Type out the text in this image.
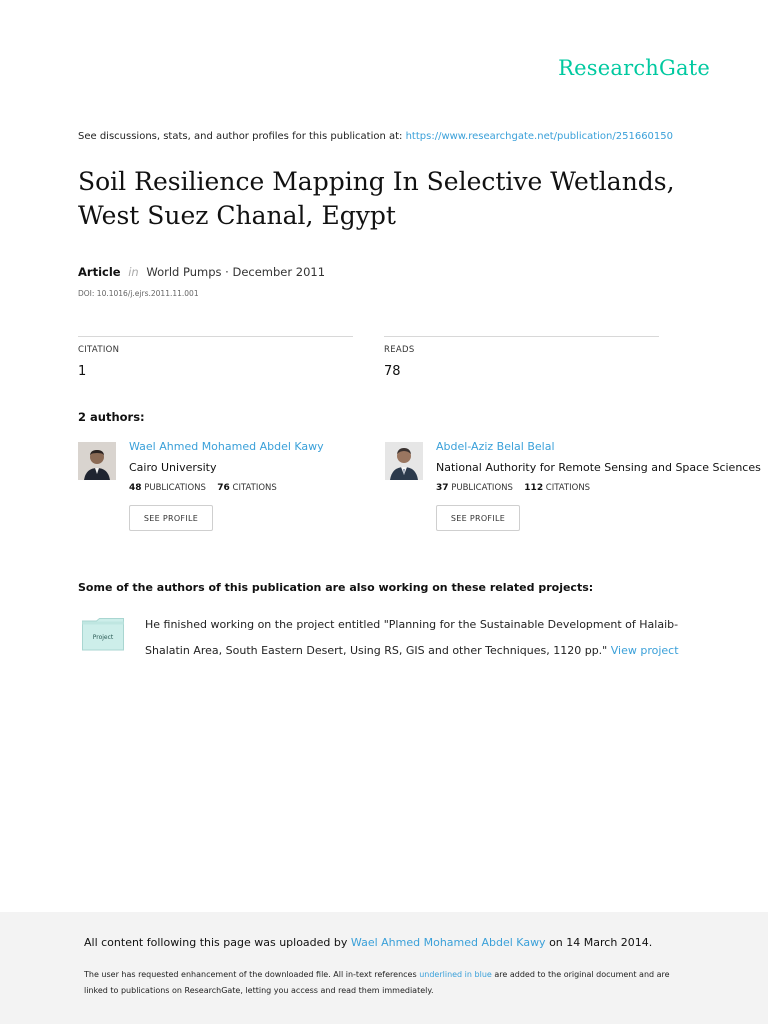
ResearchGate
See discussions, stats, and author profiles for this publication at: https://www.researchgate.net/publication/251660150
Soil Resilience Mapping In Selective Wetlands,
West Suez Chanal, Egypt
Article in World Pumps · December 2011
DOI: 10.1016/j.ejrs.2011.11.001
CITATION
1
READS
78
2 authors:
Wael Ahmed Mohamed Abdel Kawy
Cairo University
48 PUBLICATIONS 76 CITATIONS
SEE PROFILE
Abdel-Aziz Belal Belal
National Authority for Remote Sensing and Space Sciences
37 PUBLICATIONS 112 CITATIONS
SEE PROFILE
Some of the authors of this publication are also working on these related projects:
Project
He finished working on the project entitled "Planning for the Sustainable Development of Halaib-Shalatin Area, South Eastern Desert, Using RS, GIS and other Techniques, 1120 pp." View project
All content following this page was uploaded by Wael Ahmed Mohamed Abdel Kawy on 14 March 2014.
The user has requested enhancement of the downloaded file. All in-text references underlined in blue are added to the original document and are linked to publications on ResearchGate, letting you access and read them immediately.
